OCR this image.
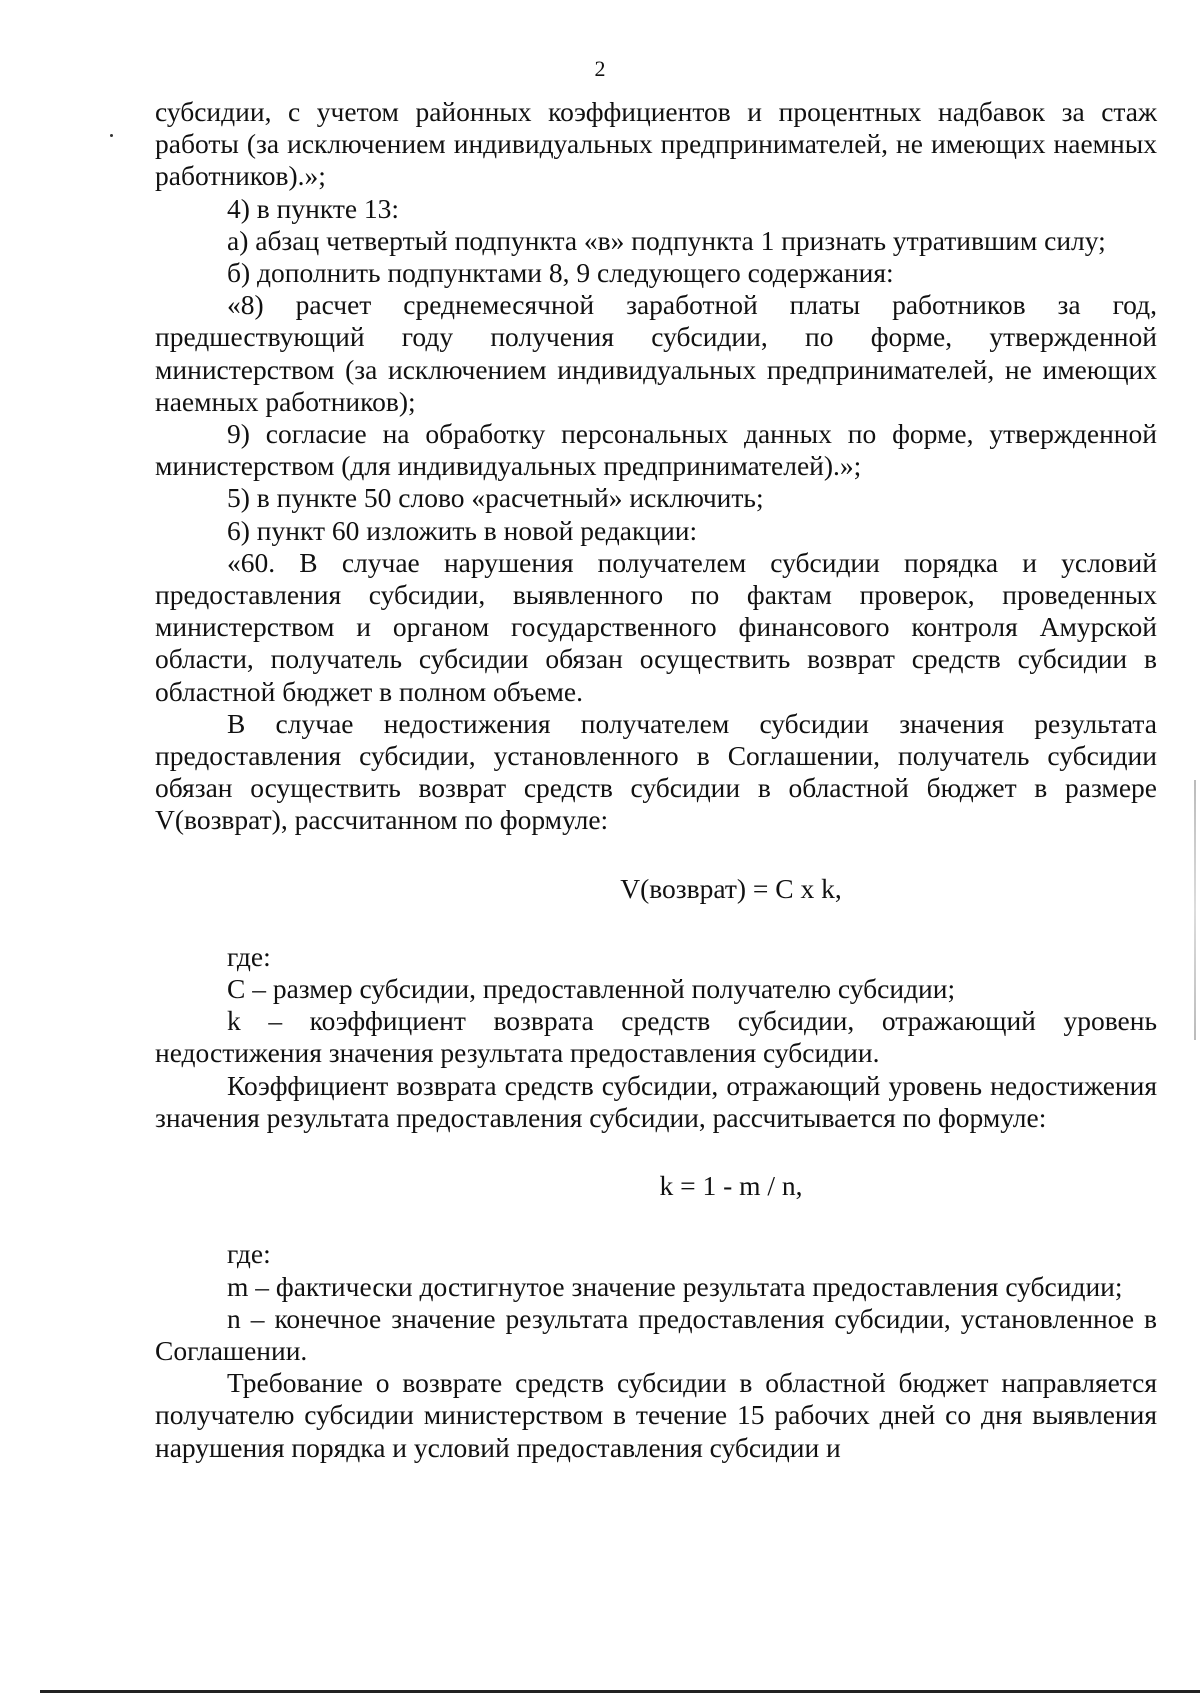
2

субсидии, с учетом районных коэффициентов и процентных надбавок за стаж работы (за исключением индивидуальных предпринимателей, не имеющих наемных работников).»;

4) в пункте 13:

а) абзац четвертый подпункта «в» подпункта 1 признать утратившим силу;

б) дополнить подпунктами 8, 9 следующего содержания:

«8) расчет среднемесячной заработной платы работников за год, предшествующий году получения субсидии, по форме, утвержденной министерством (за исключением индивидуальных предпринимателей, не имеющих наемных работников);

9) согласие на обработку персональных данных по форме, утвержденной министерством (для индивидуальных предпринимателей).»;

5) в пункте 50 слово «расчетный» исключить;

6) пункт 60 изложить в новой редакции:

«60. В случае нарушения получателем субсидии порядка и условий предоставления субсидии, выявленного по фактам проверок, проведенных министерством и органом государственного финансового контроля Амурской области, получатель субсидии обязан осуществить возврат средств субсидии в областной бюджет в полном объеме.

В случае недостижения получателем субсидии значения результата предоставления субсидии, установленного в Соглашении, получатель субсидии обязан осуществить возврат средств субсидии в областной бюджет в размере V(возврат), рассчитанном по формуле:

V(возврат) = C x k,

где:

С – размер субсидии, предоставленной получателю субсидии;

k – коэффициент возврата средств субсидии, отражающий уровень недостижения значения результата предоставления субсидии.

Коэффициент возврата средств субсидии, отражающий уровень недостижения значения результата предоставления субсидии, рассчитывается по формуле:

k = 1 - m / n,

где:

m – фактически достигнутое значение результата предоставления субсидии;

n – конечное значение результата предоставления субсидии, установленное в Соглашении.

Требование о возврате средств субсидии в областной бюджет направляется получателю субсидии министерством в течение 15 рабочих дней со дня выявления нарушения порядка и условий предоставления субсидии и
